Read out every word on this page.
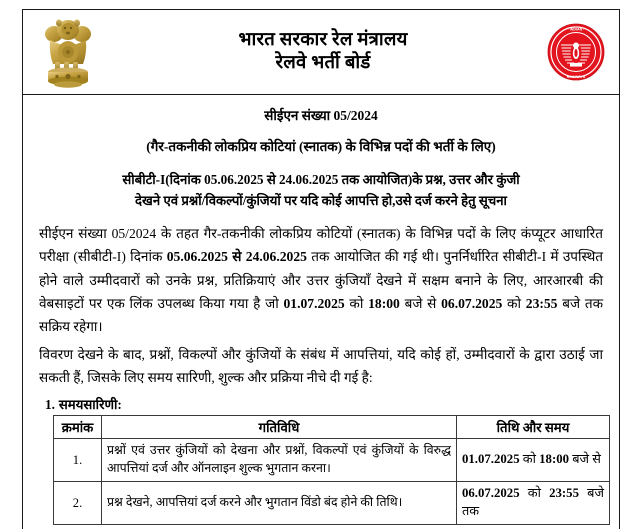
भारत सरकार रेल मंत्रालय
रेलवे भर्ती बोर्ड
· INDIAN ·
RAILWAYS
सीईएन संख्या 05/2024
(गैर-तकनीकी लोकप्रिय कोटियां (स्नातक) के विभिन्न पदों की भर्ती के लिए)
सीबीटी-I(दिनांक 05.06.2025 से 24.06.2025 तक आयोजित)के प्रश्न, उत्तर और कुंजी
देखने एवं प्रश्नों/विकल्पों/कुंजियों पर यदि कोई आपत्ति हो,उसे दर्ज करने हेतु सूचना

सीईएन संख्या 05/2024 के तहत गैर-तकनीकी लोकप्रिय कोटियों (स्नातक) के विभिन्न पदों के लिए कंप्यूटर आधारित परीक्षा (सीबीटी-I) दिनांक 05.06.2025 से 24.06.2025 तक आयोजित की गई थी। पुनर्निर्धारित सीबीटी-I में उपस्थित होने वाले उम्मीदवारों को उनके प्रश्न, प्रतिक्रियाएं और उत्तर कुंजियाँ देखने में सक्षम बनाने के लिए, आरआरबी की वेबसाइटों पर एक लिंक उपलब्ध किया गया है जो 01.07.2025 को 18:00 बजे से 06.07.2025 को 23:55 बजे तक सक्रिय रहेगा।

विवरण देखने के बाद, प्रश्नों, विकल्पों और कुंजियों के संबंध में आपत्तियां, यदि कोई हों, उम्मीदवारों के द्वारा उठाई जा सकती हैं, जिसके लिए समय सारिणी, शुल्क और प्रक्रिया नीचे दी गई है:

1. समयसारिणी:
क्रमांक	गतिविधि	तिथि और समय
1.	प्रश्नों एवं उत्तर कुंजियों को देखना और प्रश्नों, विकल्पों एवं कुंजियों के विरुद्ध आपत्तियां दर्ज और ऑनलाइन शुल्क भुगतान करना।	01.07.2025 को 18:00 बजे से
2.	प्रश्न देखने, आपत्तियां दर्ज करने और भुगतान विंडो बंद होने की तिथि।	06.07.2025 को 23:55 बजे तक
